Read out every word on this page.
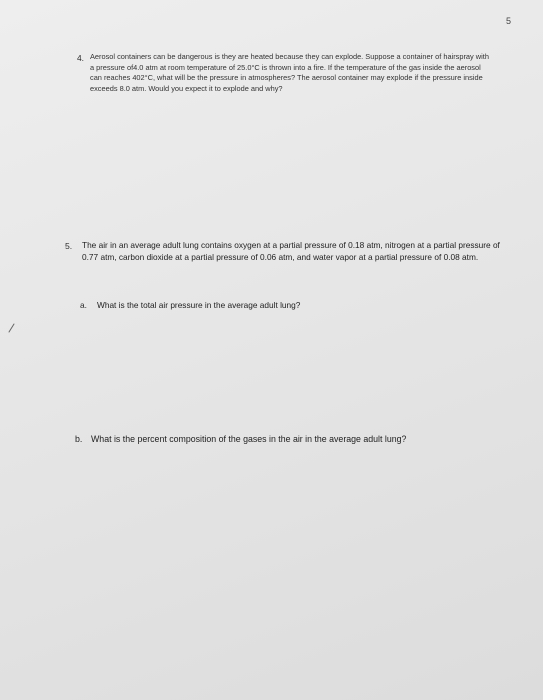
5
4. Aerosol containers can be dangerous is they are heated because they can explode. Suppose a container of hairspray with a pressure of4.0 atm at room temperature of 25.0°C is thrown into a fire. If the temperature of the gas inside the aerosol can reaches 402°C, what will be the pressure in atmospheres? The aerosol container may explode if the pressure inside exceeds 8.0 atm. Would you expect it to explode and why?
5. The air in an average adult lung contains oxygen at a partial pressure of 0.18 atm, nitrogen at a partial pressure of 0.77 atm, carbon dioxide at a partial pressure of 0.06 atm, and water vapor at a partial pressure of 0.08 atm.
a. What is the total air pressure in the average adult lung?
b. What is the percent composition of the gases in the air in the average adult lung?
